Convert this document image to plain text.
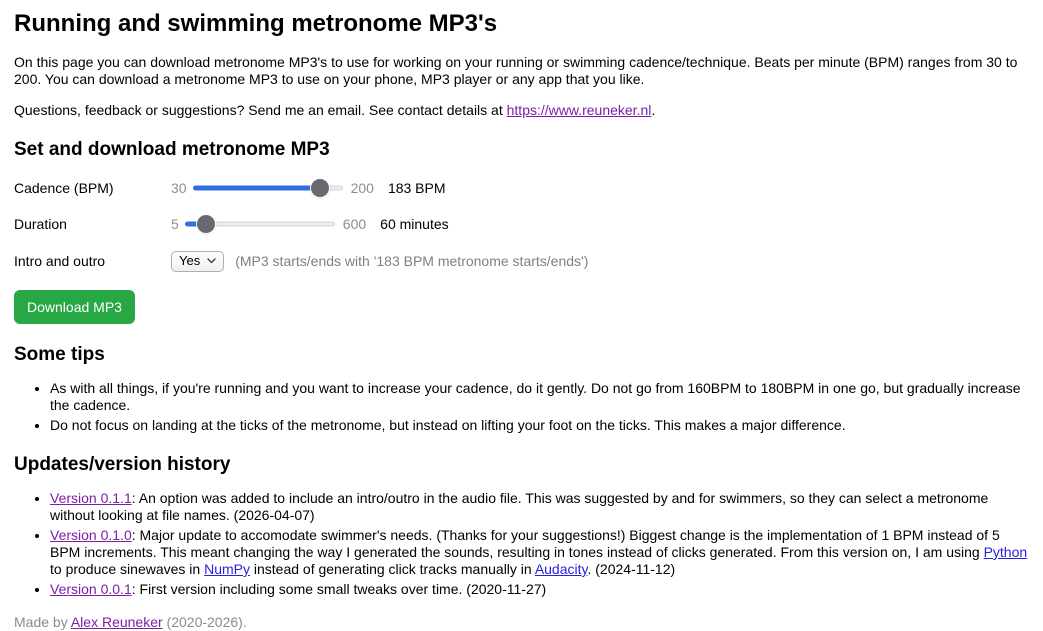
Running and swimming metronome MP3's

On this page you can download metronome MP3's to use for working on your running or swimming cadence/technique. Beats per minute (BPM) ranges from 30 to 200. You can download a metronome MP3 to use on your phone, MP3 player or any app that you like.

Questions, feedback or suggestions? Send me an email. See contact details at https://www.reuneker.nl.

Set and download metronome MP3
Cadence (BPM)	30	200 183 BPM
Duration	5	600 60 minutes
Intro and outro	Yes	(MP3 starts/ends with '183 BPM metronome starts/ends')
Download MP3
Some tips
• As with all things, if you're running and you want to increase your cadence, do it gently. Do not go from 160BPM to 180BPM in one go, but gradually increase the cadence.
• Do not focus on landing at the ticks of the metronome, but instead on lifting your foot on the ticks. This makes a major difference.
Updates/version history
• Version 0.1.1: An option was added to include an intro/outro in the audio file. This was suggested by and for swimmers, so they can select a metronome without looking at file names. (2026-04-07)
• Version 0.1.0: Major update to accomodate swimmer's needs. (Thanks for your suggestions!) Biggest change is the implementation of 1 BPM instead of 5 BPM increments. This meant changing the way I generated the sounds, resulting in tones instead of clicks generated. From this version on, I am using Python to produce sinewaves in NumPy instead of generating click tracks manually in Audacity. (2024-11-12)
• Version 0.0.1: First version including some small tweaks over time. (2020-11-27)
Made by Alex Reuneker (2020-2026).
